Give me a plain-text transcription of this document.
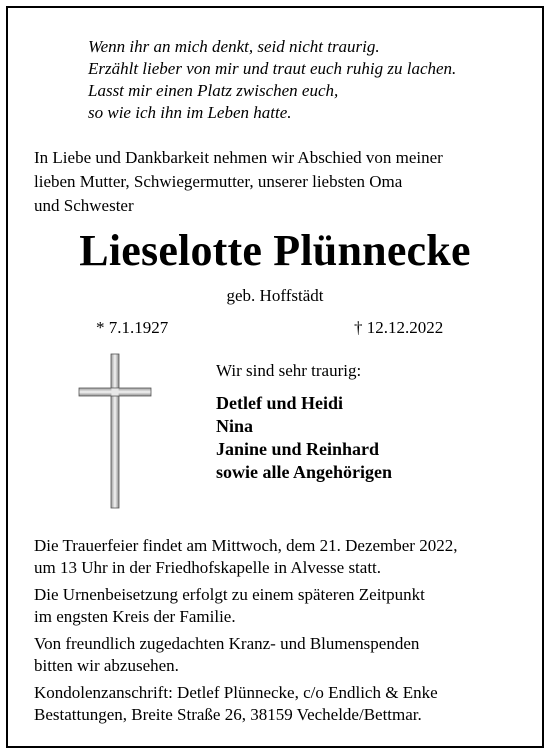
Wenn ihr an mich denkt, seid nicht traurig.
Erzählt lieber von mir und traut euch ruhig zu lachen.
Lasst mir einen Platz zwischen euch,
so wie ich ihn im Leben hatte.
In Liebe und Dankbarkeit nehmen wir Abschied von meiner
lieben Mutter, Schwiegermutter, unserer liebsten Oma
und Schwester
Lieselotte Plünnecke
geb. Hoffstädt
* 7.1.1927	† 12.12.2022
Wir sind sehr traurig:
Detlef und Heidi
Nina
Janine und Reinhard
sowie alle Angehörigen

Die Trauerfeier findet am Mittwoch, dem 21. Dezember 2022,
um 13 Uhr in der Friedhofskapelle in Alvesse statt.

Die Urnenbeisetzung erfolgt zu einem späteren Zeitpunkt
im engsten Kreis der Familie.

Von freundlich zugedachten Kranz- und Blumenspenden
bitten wir abzusehen.

Kondolenzanschrift: Detlef Plünnecke, c/o Endlich & Enke
Bestattungen, Breite Straße 26, 38159 Vechelde/Bettmar.
